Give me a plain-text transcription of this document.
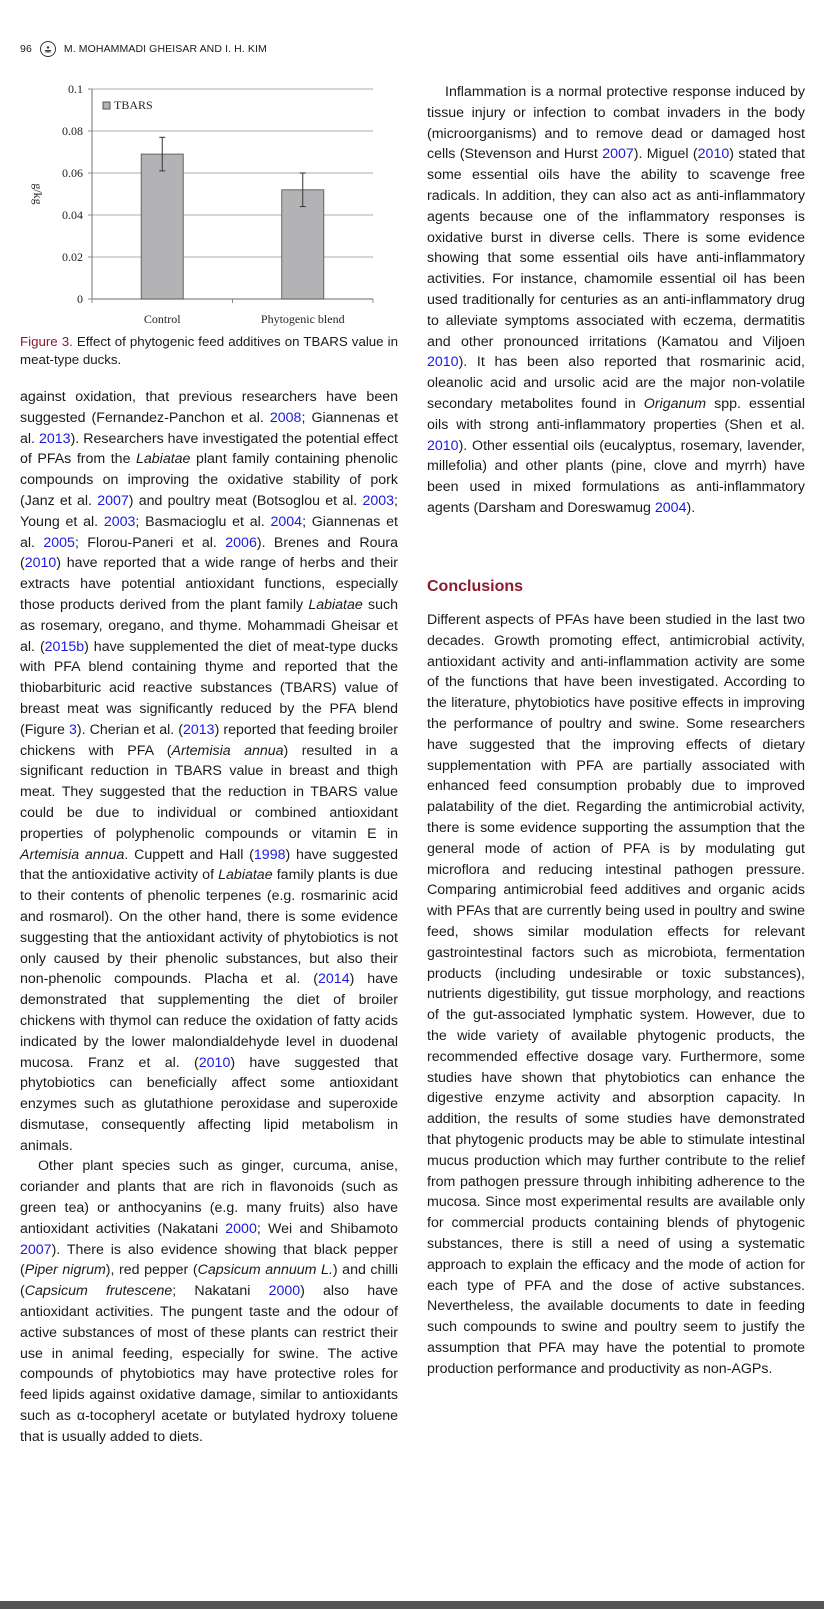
96	M. MOHAMMADI GHEISAR AND I. H. KIM
0
0.02
0.04
0.06
0.08
0.1
Control	Phytogenic blend
g/kg
TBARS
Figure 3. Effect of phytogenic feed additives on TBARS value in meat-type ducks.

against oxidation, that previous researchers have been suggested (Fernandez-Panchon et al. 2008; Giannenas et al. 2013). Researchers have investigated the potential effect of PFAs from the Labiatae plant family containing phenolic compounds on improving the oxidative stability of pork (Janz et al. 2007) and poultry meat (Botsoglou et al. 2003; Young et al. 2003; Basmacioglu et al. 2004; Giannenas et al. 2005; Florou-Paneri et al. 2006). Brenes and Roura (2010) have reported that a wide range of herbs and their extracts have potential antioxidant functions, especially those products derived from the plant family Labiatae such as rosemary, oregano, and thyme. Mohammadi Gheisar et al. (2015b) have supplemented the diet of meat-type ducks with PFA blend containing thyme and reported that the thiobarbituric acid reactive substances (TBARS) value of breast meat was significantly reduced by the PFA blend (Figure 3). Cherian et al. (2013) reported that feeding broiler chickens with PFA (Artemisia annua) resulted in a significant reduction in TBARS value in breast and thigh meat. They suggested that the reduction in TBARS value could be due to individual or combined antioxidant properties of polyphenolic compounds or vitamin E in Artemisia annua. Cuppett and Hall (1998) have suggested that the antioxidative activity of Labiatae family plants is due to their contents of phenolic terpenes (e.g. rosmarinic acid and rosmarol). On the other hand, there is some evidence suggesting that the antioxidant activity of phytobiotics is not only caused by their phenolic substances, but also their non-phenolic compounds. Placha et al. (2014) have demonstrated that supplementing the diet of broiler chickens with thymol can reduce the oxidation of fatty acids indicated by the lower malondialdehyde level in duodenal mucosa. Franz et al. (2010) have suggested that phytobiotics can beneficially affect some antioxidant enzymes such as glutathione peroxidase and superoxide dismutase, consequently affecting lipid metabolism in animals.

Other plant species such as ginger, curcuma, anise, coriander and plants that are rich in flavonoids (such as green tea) or anthocyanins (e.g. many fruits) also have antioxidant activities (Nakatani 2000; Wei and Shibamoto 2007). There is also evidence showing that black pepper (Piper nigrum), red pepper (Capsicum annuum L.) and chilli (Capsicum frutescene; Nakatani 2000) also have antioxidant activities. The pungent taste and the odour of active substances of most of these plants can restrict their use in animal feeding, especially for swine. The active compounds of phytobiotics may have protective roles for feed lipids against oxidative damage, similar to antioxidants such as α-tocopheryl acetate or butylated hydroxy toluene that is usually added to diets.

Inflammation is a normal protective response induced by tissue injury or infection to combat invaders in the body (microorganisms) and to remove dead or damaged host cells (Stevenson and Hurst 2007). Miguel (2010) stated that some essential oils have the ability to scavenge free radicals. In addition, they can also act as anti-inflammatory agents because one of the inflammatory responses is oxidative burst in diverse cells. There is some evidence showing that some essential oils have anti-inflammatory activities. For instance, chamomile essential oil has been used traditionally for centuries as an anti-inflammatory drug to alleviate symptoms associated with eczema, dermatitis and other pronounced irritations (Kamatou and Viljoen 2010). It has been also reported that rosmarinic acid, oleanolic acid and ursolic acid are the major non-volatile secondary metabolites found in Origanum spp. essential oils with strong anti-inflammatory properties (Shen et al. 2010). Other essential oils (eucalyptus, rosemary, lavender, millefolia) and other plants (pine, clove and myrrh) have been used in mixed formulations as anti-inflammatory agents (Darsham and Doreswamug 2004).

Conclusions

Different aspects of PFAs have been studied in the last two decades. Growth promoting effect, antimicrobial activity, antioxidant activity and anti-inflammation activity are some of the functions that have been investigated. According to the literature, phytobiotics have positive effects in improving the performance of poultry and swine. Some researchers have suggested that the improving effects of dietary supplementation with PFA are partially associated with enhanced feed consumption probably due to improved palatability of the diet. Regarding the antimicrobial activity, there is some evidence supporting the assumption that the general mode of action of PFA is by modulating gut microflora and reducing intestinal pathogen pressure. Comparing antimicrobial feed additives and organic acids with PFAs that are currently being used in poultry and swine feed, shows similar modulation effects for relevant gastrointestinal factors such as microbiota, fermentation products (including undesirable or toxic substances), nutrients digestibility, gut tissue morphology, and reactions of the gut-associated lymphatic system. However, due to the wide variety of available phytogenic products, the recommended effective dosage vary. Furthermore, some studies have shown that phytobiotics can enhance the digestive enzyme activity and absorption capacity. In addition, the results of some studies have demonstrated that phytogenic products may be able to stimulate intestinal mucus production which may further contribute to the relief from pathogen pressure through inhibiting adherence to the mucosa. Since most experimental results are available only for commercial products containing blends of phytogenic substances, there is still a need of using a systematic approach to explain the efficacy and the mode of action for each type of PFA and the dose of active substances. Nevertheless, the available documents to date in feeding such compounds to swine and poultry seem to justify the assumption that PFA may have the potential to promote production performance and productivity as non-AGPs.
